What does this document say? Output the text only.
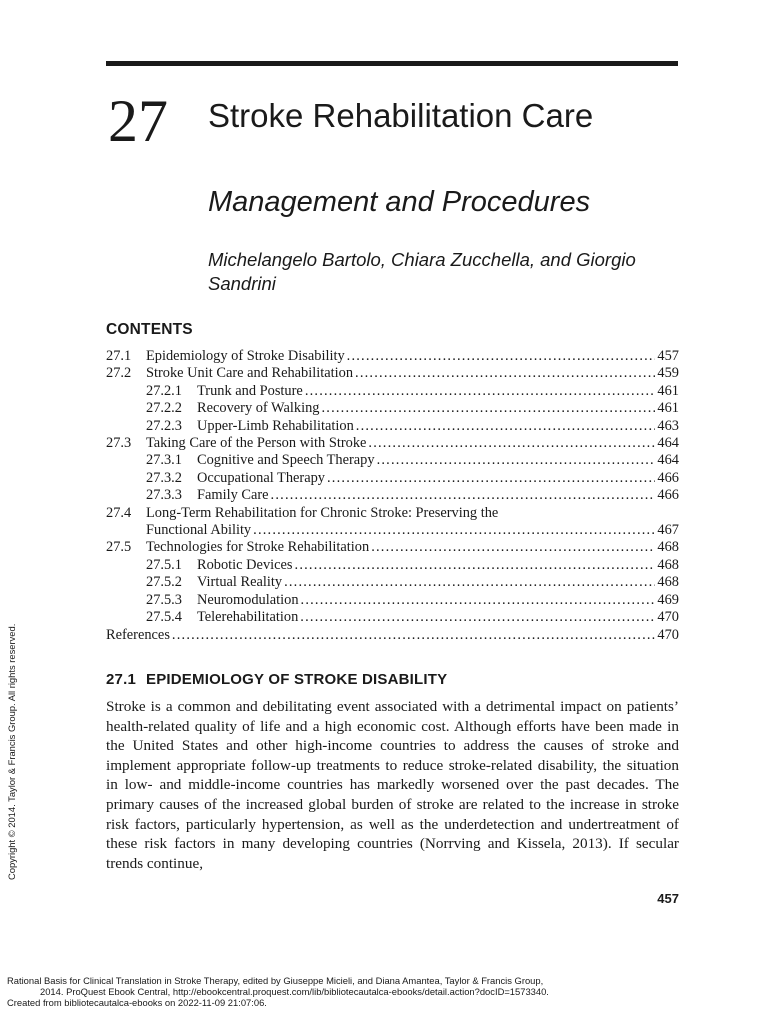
27 Stroke Rehabilitation Care
Management and Procedures
Michelangelo Bartolo, Chiara Zucchella, and Giorgio Sandrini
CONTENTS
27.1	Epidemiology of Stroke Disability .....	457
27.2	Stroke Unit Care and Rehabilitation .....	459
27.2.1	Trunk and Posture .....	461
27.2.2	Recovery of Walking .....	461
27.2.3	Upper-Limb Rehabilitation .....	463
27.3	Taking Care of the Person with Stroke .....	464
27.3.1	Cognitive and Speech Therapy .....	464
27.3.2	Occupational Therapy .....	466
27.3.3	Family Care .....	466
27.4	Long-Term Rehabilitation for Chronic Stroke: Preserving the
Functional Ability .....	467
27.5	Technologies for Stroke Rehabilitation .....	468
27.5.1	Robotic Devices .....	468
27.5.2	Virtual Reality .....	468
27.5.3	Neuromodulation .....	469
27.5.4	Telerehabilitation .....	470
References .....	470
27.1 EPIDEMIOLOGY OF STROKE DISABILITY

Stroke is a common and debilitating event associated with a detrimental impact on patients’ health-related quality of life and a high economic cost. Although efforts have been made in the United States and other high-income countries to address the causes of stroke and implement appropriate follow-up treatments to reduce stroke-related disability, the situation in low- and middle-income countries has markedly worsened over the past decades. The primary causes of the increased global burden of stroke are related to the increase in stroke risk factors, particularly hypertension, as well as the underdetection and undertreatment of these risk factors in many developing countries (Norrving and Kissela, 2013). If secular trends continue,

457
Copyright © 2014. Taylor & Francis Group. All rights reserved.
Rational Basis for Clinical Translation in Stroke Therapy, edited by Giuseppe Micieli, and Diana Amantea, Taylor & Francis Group,
2014. ProQuest Ebook Central, http://ebookcentral.proquest.com/lib/bibliotecautalca-ebooks/detail.action?docID=1573340.
Created from bibliotecautalca-ebooks on 2022-11-09 21:07:06.
